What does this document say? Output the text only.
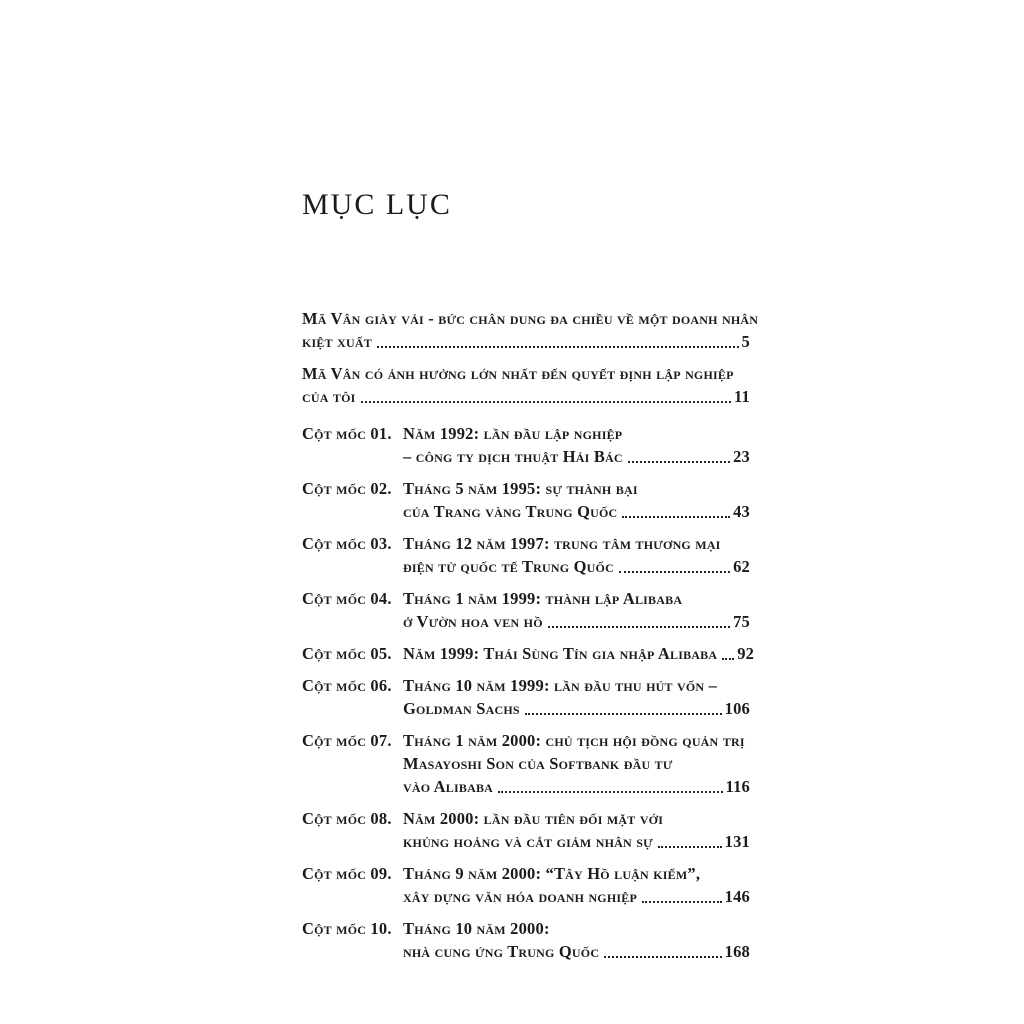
MỤC LỤC
Mã Vân giày vải - bức chân dung đa chiều về một doanh nhân
kiệt xuất	5
Mã Vân có ảnh hưởng lớn nhất đến quyết định lập nghiệp
của tôi	11
Cột mốc 01. Năm 1992: lần đầu lập nghiệp
– công ty dịch thuật Hải Bác	23
Cột mốc 02. Tháng 5 năm 1995: sự thành bại
của Trang vàng Trung Quốc	43
Cột mốc 03. Tháng 12 năm 1997: trung tâm thương mại
điện tử quốc tế Trung Quốc	62
Cột mốc 04. Tháng 1 năm 1999: thành lập Alibaba
ở Vườn hoa ven hồ	75
Cột mốc 05. Năm 1999: Thái Sùng Tín gia nhập Alibaba 92
Cột mốc 06. Tháng 10 năm 1999: lần đầu thu hút vốn –
Goldman Sachs	106
Cột mốc 07. Tháng 1 năm 2000: chủ tịch hội đồng quản trị
Masayoshi Son của Softbank đầu tư
vào Alibaba	116
Cột mốc 08. Năm 2000: lần đầu tiên đối mặt với
khủng hoảng và cắt giảm nhân sự	131
Cột mốc 09. Tháng 9 năm 2000: “Tây Hồ luận kiếm”,
xây dựng văn hóa doanh nghiệp	146
Cột mốc 10. Tháng 10 năm 2000:
nhà cung ứng Trung Quốc	168
